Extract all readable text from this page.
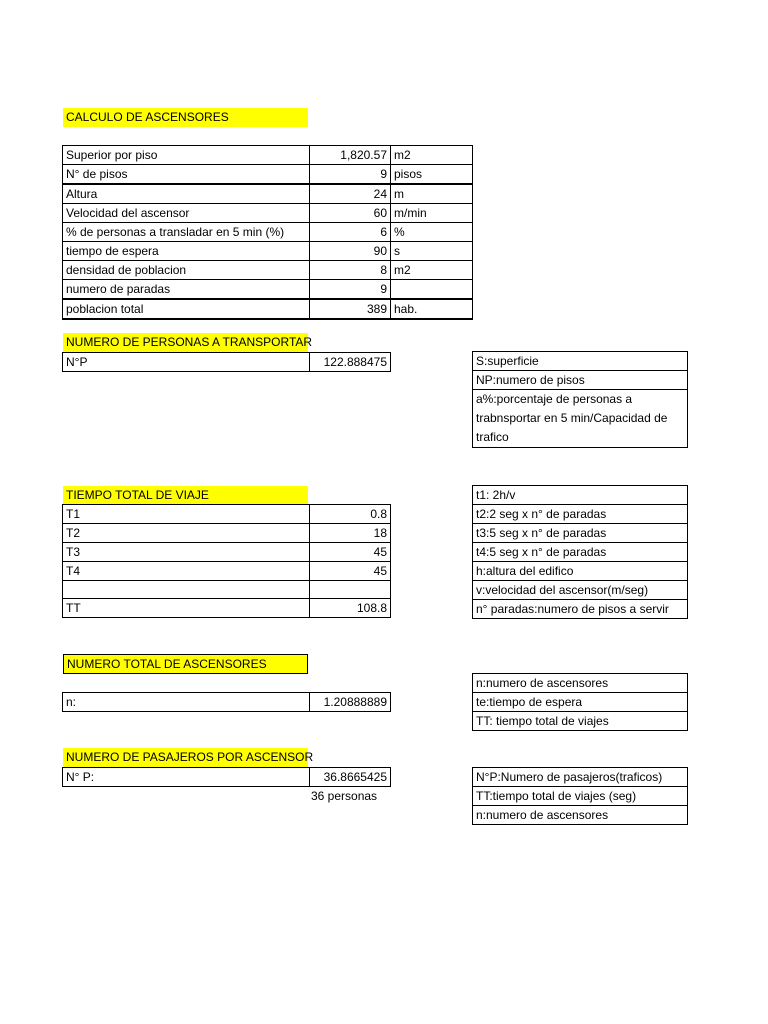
CALCULO DE ASCENSORES
Superior por piso	1,820.57	m2
N° de pisos	9	pisos
Altura	24	m
Velocidad del ascensor	60	m/min
% de personas a transladar en 5 min (%)	6	%
tiempo de espera	90	s
densidad de poblacion	8	m2
numero de paradas	9	
poblacion total	389	hab.
NUMERO DE PERSONAS A TRANSPORTAR
N°P	122.888475	S:superficie
NP:numero de pisos
a%:porcentaje de personas a trabnsportar en 5 min/Capacidad de trafico
TIEMPO TOTAL DE VIAJE
T1	0.8
T2	18
T3	45
T4	45

TT	108.8
t1: 2h/v
t2:2 seg x n° de paradas
t3:5 seg x n° de paradas
t4:5 seg x n° de paradas
h:altura del edifico
v:velocidad del ascensor(m/seg)
n° paradas:numero de pisos a servir
NUMERO TOTAL DE ASCENSORES
n:	1.20888889
n:numero de ascensores
te:tiempo de espera
TT: tiempo total de viajes
NUMERO DE PASAJEROS POR ASCENSOR
N° P:	36.8665425
36 personas
N°P:Numero de pasajeros(traficos)
TT:tiempo total de viajes (seg)
n:numero de ascensores
